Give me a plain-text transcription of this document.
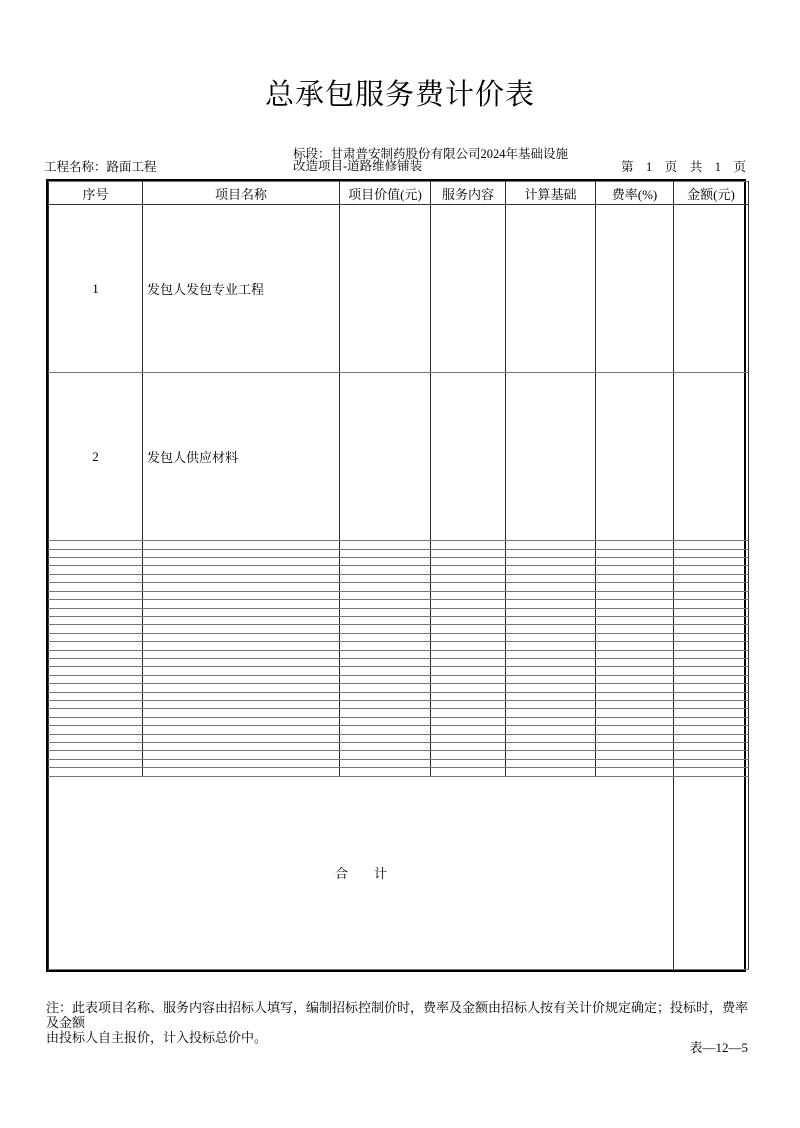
总承包服务费计价表
工程名称：路面工程
标段：甘肃普安制药股份有限公司2024年基础设施
改造项目-道路维修铺装	第　1　页　共　1　页
序号	项目名称	项目价值(元)	服务内容	计算基础	费率(%)	金额(元)
1	发包人发包专业工程					
2	发包人供应材料					

合　　计						
注：此表项目名称、服务内容由招标人填写，编制招标控制价时，费率及金额由招标人按有关计价规定确定；投标时，费率及金额
由投标人自主报价，计入投标总价中。
表—12—5
